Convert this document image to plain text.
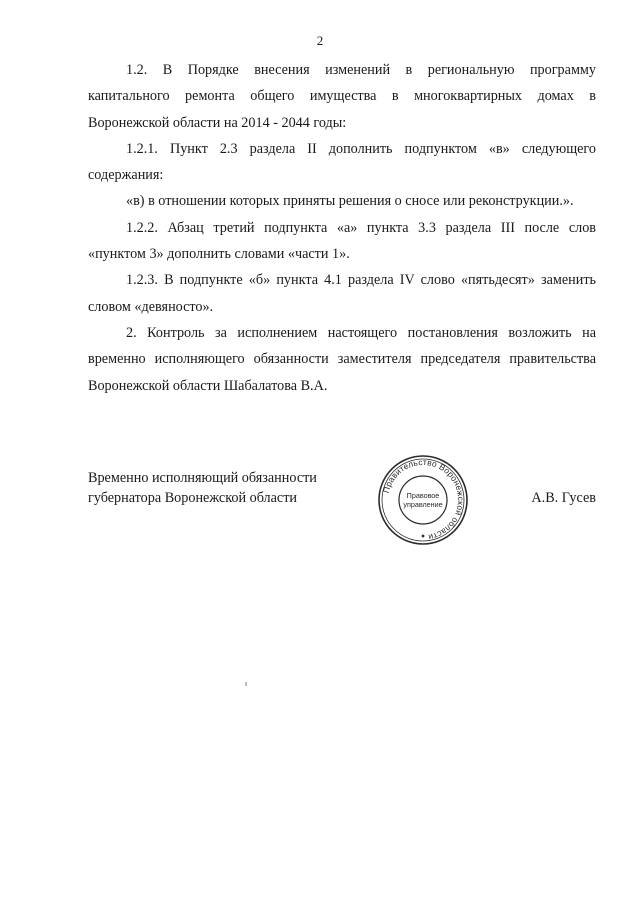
2

1.2. В Порядке внесения изменений в региональную программу капитального ремонта общего имущества в многоквартирных домах в Воронежской области на 2014 - 2044 годы:

1.2.1. Пункт 2.3 раздела II дополнить подпунктом «в» следующего содержания:

«в) в отношении которых приняты решения о сносе или реконструкции.».

1.2.2. Абзац третий подпункта «а» пункта 3.3 раздела III после слов «пунктом 3» дополнить словами «части 1».

1.2.3. В подпункте «б» пункта 4.1 раздела IV слово «пятьдесят» заменить словом «девяносто».

2. Контроль за исполнением настоящего постановления возложить на временно исполняющего обязанности заместителя председателя правительства Воронежской области Шабалатова В.А.

Временно исполняющий обязанности
губернатора Воронежской области
Правительство Воронежской области
Правовое
управление	А.В. Гусев
